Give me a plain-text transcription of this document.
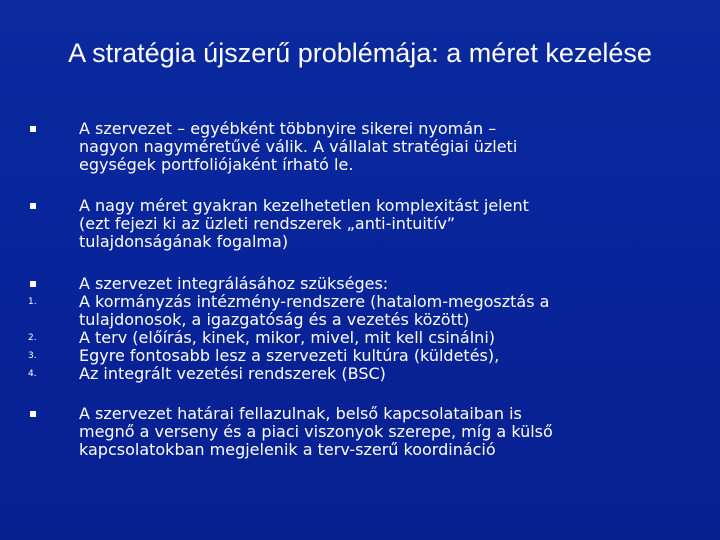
A stratégia újszerű problémája: a méret kezelése
A szervezet – egyébként többnyire sikerei nyomán –
nagyon nagyméretűvé válik. A vállalat stratégiai üzleti
egységek portfoliójaként írható le.
A nagy méret gyakran kezelhetetlen komplexitást jelent
(ezt fejezi ki az üzleti rendszerek „anti-intuitív”
tulajdonságának fogalma)
A szervezet integrálásához szükséges:
1.	A kormányzás intézmény-rendszere (hatalom-megosztás a
tulajdonosok, a igazgatóság és a vezetés között)
2.	A terv (előírás, kinek, mikor, mivel, mit kell csinálni)
3.	Egyre fontosabb lesz a szervezeti kultúra (küldetés),
4.	Az integrált vezetési rendszerek (BSC)
A szervezet határai fellazulnak, belső kapcsolataiban is
megnő a verseny és a piaci viszonyok szerepe, míg a külső
kapcsolatokban megjelenik a terv-szerű koordináció
